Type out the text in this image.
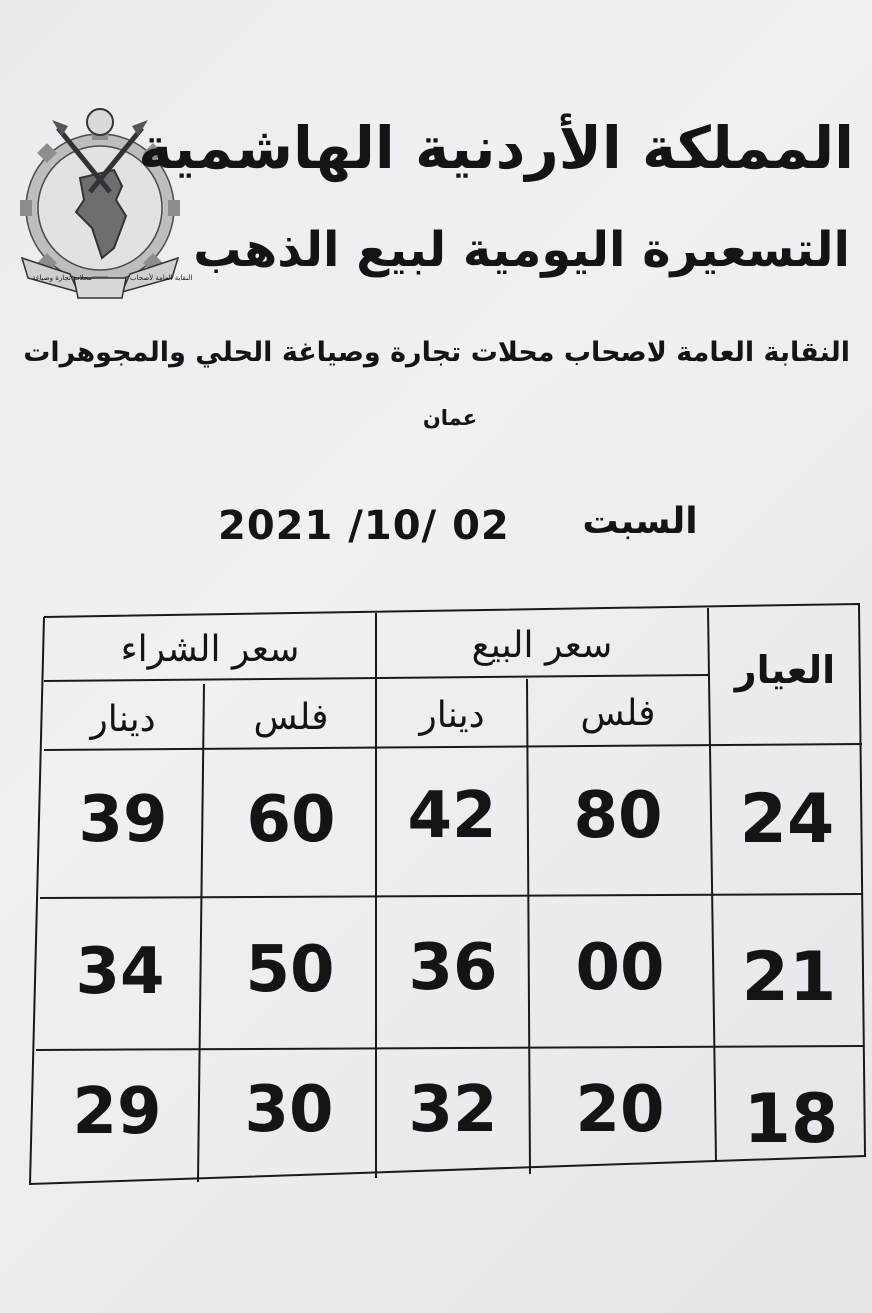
النقابة العامة لأصحاب
محلات تجارة وصياغة
المملكة الأردنية الهاشمية
التسعيرة اليومية لبيع الذهب
النقابة العامة لاصحاب محلات تجارة وصياغة الحلي والمجوهرات
عمان
السبت
2021 /10/ 02
العيار
سعر البيع
سعر الشراء
فلس
دينار
فلس
دينار
24
80
42
60
39
21
00
36
50
34
18
20
32
30
29
